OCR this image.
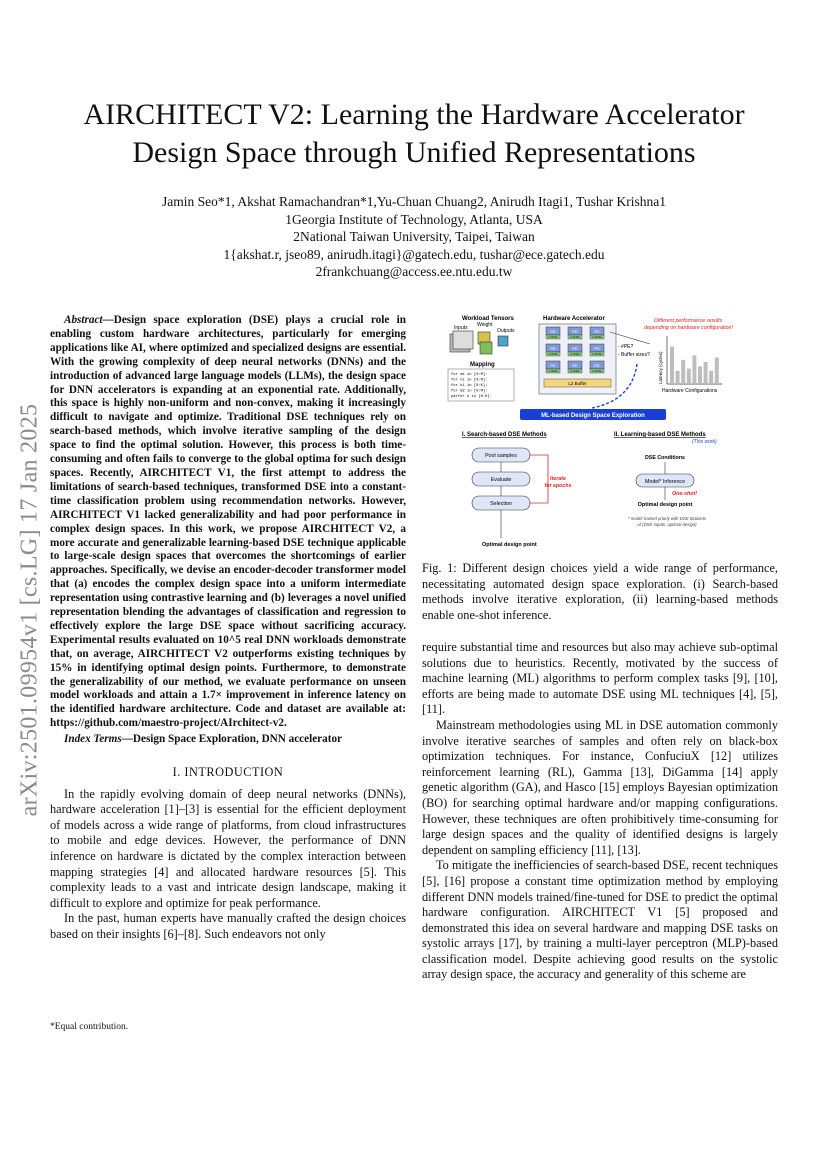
arXiv:2501.09954v1 [cs.LG] 17 Jan 2025
AIRCHITECT V2: Learning the Hardware Accelerator
Design Space through Unified Representations
Jamin Seo*1, Akshat Ramachandran*1,Yu-Chuan Chuang2, Anirudh Itagi1, Tushar Krishna1
1Georgia Institute of Technology, Atlanta, USA
2National Taiwan University, Taipei, Taiwan
1{akshat.r, jseo89, anirudh.itagi}@gatech.edu, tushar@ece.gatech.edu
2frankchuang@access.ee.ntu.edu.tw

Abstract—Design space exploration (DSE) plays a crucial role in enabling custom hardware architectures, particularly for emerging applications like AI, where optimized and specialized designs are essential. With the growing complexity of deep neural networks (DNNs) and the introduction of advanced large language models (LLMs), the design space for DNN accelerators is expanding at an exponential rate. Additionally, this space is highly non-uniform and non-convex, making it increasingly difficult to navigate and optimize. Traditional DSE techniques rely on search-based methods, which involve iterative sampling of the design space to find the optimal solution. However, this process is both time-consuming and often fails to converge to the global optima for such design spaces. Recently, AIRCHITECT V1, the first attempt to address the limitations of search-based techniques, transformed DSE into a constant-time classification problem using recommendation networks. However, AIRCHITECT V1 lacked generalizability and had poor performance in complex design spaces. In this work, we propose AIRCHITECT V2, a more accurate and generalizable learning-based DSE technique applicable to large-scale design spaces that overcomes the shortcomings of earlier approaches. Specifically, we devise an encoder-decoder transformer model that (a) encodes the complex design space into a uniform intermediate representation using contrastive learning and (b) leverages a novel unified representation blending the advantages of classification and regression to effectively explore the large DSE space without sacrificing accuracy. Experimental results evaluated on 10^5 real DNN workloads demonstrate that, on average, AIRCHITECT V2 outperforms existing techniques by 15% in identifying optimal design points. Furthermore, to demonstrate the generalizability of our method, we evaluate performance on unseen model workloads and attain a 1.7× improvement in inference latency on the identified hardware architecture. Code and dataset are available at: https://github.com/maestro-project/AIrchitect-v2.

Index Terms—Design Space Exploration, DNN accelerator

I. INTRODUCTION

In the rapidly evolving domain of deep neural networks (DNNs), hardware acceleration [1]–[3] is essential for the efficient deployment of models across a wide range of platforms, from cloud infrastructures to mobile and edge devices. However, the performance of DNN inference on hardware is dictated by the complex interaction between mapping strategies [4] and allocated hardware resources [5]. This complexity leads to a vast and intricate design landscape, making it difficult to explore and optimize for peak performance.

In the past, human experts have manually crafted the design choices based on their insights [6]–[8]. Such endeavors not only

*Equal contribution.
Workload Tensors
Inputs Weight
Outputs
Mapping
for m1 in [0:M]:
for n1 in [0:N]:
for k1 in [0:K]:
for m2 in [0:M]:
parfor k in [0:K]:
Hardware Accelerator
PE
L1 Buffer
PE
L1 Buffer
PE
L1 Buffer
PE
L1 Buffer
PE
L1 Buffer
PE
L1 Buffer
PE
L1 Buffer
PE
L1 Buffer
PE
L1 Buffer
L2 Buffer
- #PE?
- Buffer sizes?
Different performance results
depending on hardware configuration!
Latency (cycles)
Hardware Configurations
ML-based Design Space Exploration
I. Search-based DSE Methods
Pool samples
Evaluate
Selection
Iterate
for epochs
Optimal design point
II. Learning-based DSE Methods
(This work)
DSE Conditions
Model* Inference
One-shot!
Optimal design point
* model trained priorly with DSE datasets
of (DSE inputs, optimal design)
Fig. 1: Different design choices yield a wide range of performance, necessitating automated design space exploration. (i) Search-based methods involve iterative exploration, (ii) learning-based methods enable one-shot inference.

require substantial time and resources but also may achieve sub-optimal solutions due to heuristics. Recently, motivated by the success of machine learning (ML) algorithms to perform complex tasks [9], [10], efforts are being made to automate DSE using ML techniques [4], [5], [11].

Mainstream methodologies using ML in DSE automation commonly involve iterative searches of samples and often rely on black-box optimization techniques. For instance, ConfuciuX [12] utilizes reinforcement learning (RL), Gamma [13], DiGamma [14] apply genetic algorithm (GA), and Hasco [15] employs Bayesian optimization (BO) for searching optimal hardware and/or mapping configurations. However, these techniques are often prohibitively time-consuming for large design spaces and the quality of identified designs is largely dependent on sampling efficiency [11], [13].

To mitigate the inefficiencies of search-based DSE, recent techniques [5], [16] propose a constant time optimization method by employing different DNN models trained/fine-tuned for DSE to predict the optimal hardware configuration. AIRCHITECT V1 [5] proposed and demonstrated this idea on several hardware and mapping DSE tasks on systolic arrays [17], by training a multi-layer perceptron (MLP)-based classification model. Despite achieving good results on the systolic array design space, the accuracy and generality of this scheme are
